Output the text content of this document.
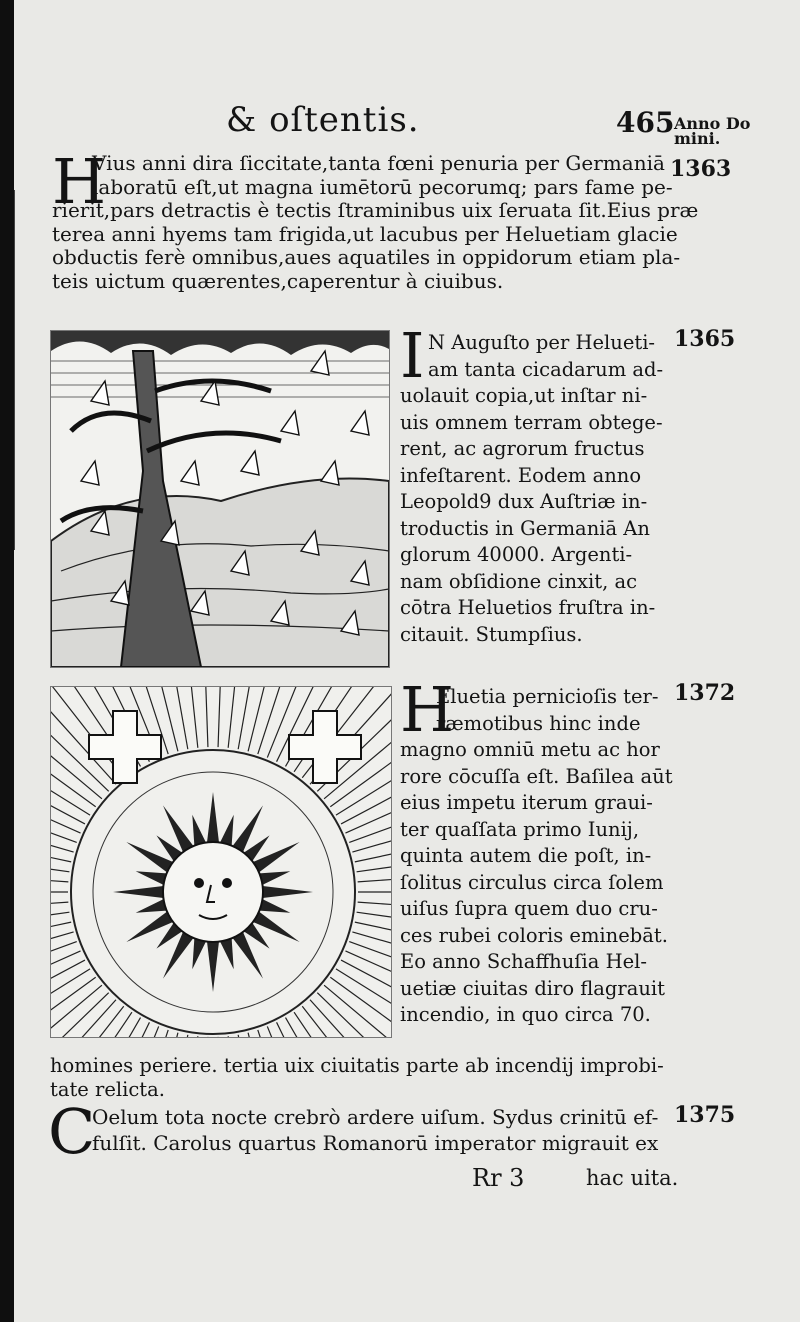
& oſtentis.	465 Anno Do mini.
H
Vius anni dira ſiccitate,tanta fœni penuria per Germaniā
laboratū eſt,ut magna iumētorū pecorumq; pars fame pe-
rierit,pars detractis è tectis ſtraminibus uix ſeruata ſit.Eius præ
terea anni hyems tam frigida,ut lacubus per Heluetiam glacie
obductis ferè omnibus,aues aquatiles in oppidorum etiam pla-
teis uictum quærentes,caperentur à ciuibus.
1363
I N Auguſto per Helueti-
am tanta cicadarum ad-
uolauit copia,ut inſtar ni-
uis omnem terram obtege-
rent, ac agrorum fructus
infeſtarent. Eodem anno
Leopold9 dux Auſtriæ in-
troductis in Germaniā An
glorum 40000. Argenti-
nam obſidione cinxit, ac
cōtra Heluetios fruſtra in-
citauit. Stumpſius.
1365
H
Eluetia pernicioſis ter-
ræmotibus hinc inde
magno omniū metu ac hor
rore cōcuſſa eſt. Baſilea aūt
eius impetu iterum graui-
ter quaſſata primo Iunij,
quinta autem die poſt, in-
ſolitus circulus circa ſolem
uiſus ſupra quem duo cru-
ces rubei coloris eminebāt.
Eo anno Schaffhuſia Hel-
uetiæ ciuitas diro flagrauit
incendio, in quo circa 70.
homines periere. tertia uix ciuitatis parte ab incendij improbi-
tate relicta.
1372
C
Oelum tota nocte crebrò ardere uiſum. Sydus crinitū ef-
fulſit. Carolus quartus Romanorū imperator migrauit ex
1375
Rr 3	hac uita.
